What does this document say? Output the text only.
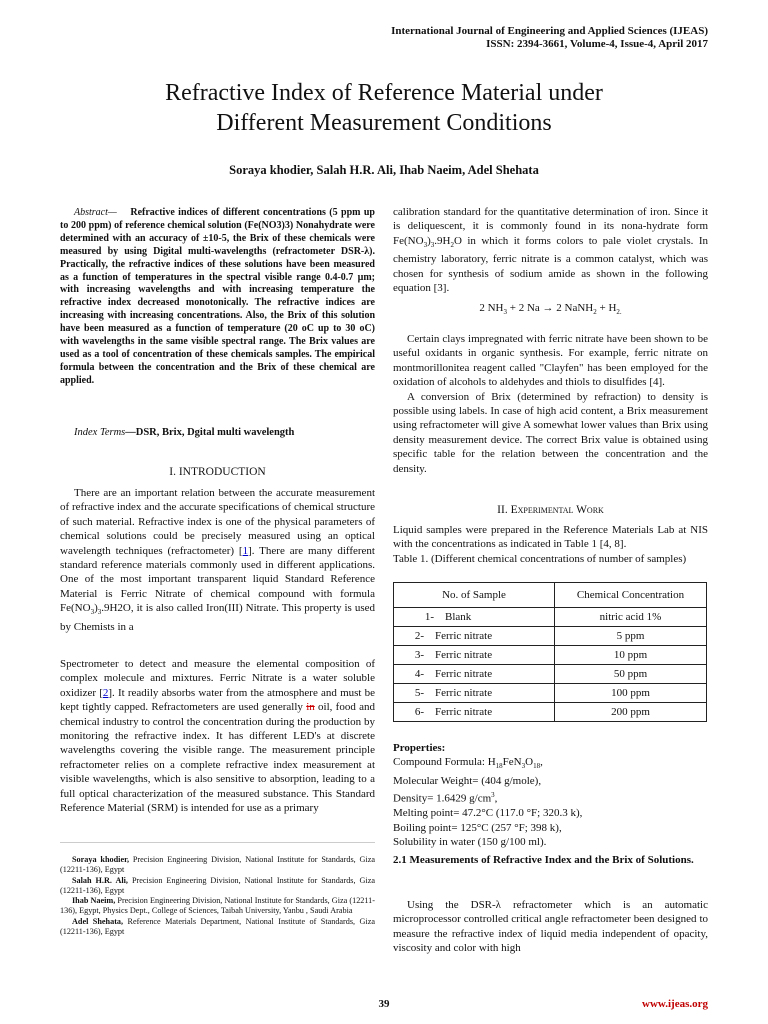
International Journal of Engineering and Applied Sciences (IJEAS)
ISSN: 2394-3661, Volume-4, Issue-4, April 2017
Refractive Index of Reference Material under
Different Measurement Conditions
Soraya khodier, Salah H.R. Ali, Ihab Naeim, Adel Shehata
Abstract— Refractive indices of different concentrations (5 ppm up to 200 ppm) of reference chemical solution (Fe(NO3)3) Nonahydrate were determined with an accuracy of ±10-5, the Brix of these chemicals were measured by using Digital multi-wavelengths (refractometer DSR-λ). Practically, the refractive indices of these solutions have been measured as a function of temperatures in the spectral visible range 0.4-0.7 µm; with increasing wavelengths and with increasing temperature the refractive index decreased monotonically. The refractive indices are increasing with increasing concentrations. Also, the Brix of this solution have been measured as a function of temperature (20 oC up to 30 oC) with wavelengths in the same visible spectral range. The Brix values are used as a tool of concentration of these chemicals samples. The empirical formula between the concentration and the Brix of these chemical are applied.
Index Terms—DSR, Brix, Dgital multi wavelength
I. INTRODUCTION

There are an important relation between the accurate measurement of refractive index and the accurate specifications of chemical structure of such material. Refractive index is one of the physical parameters of chemical solutions could be precisely measured using an optical wavelength techniques (refractometer) [1]. There are many different standard reference materials commonly used in different applications. One of the most important transparent liquid Standard Reference Material is Ferric Nitrate of chemical compound with formula $Fe(NO_3)_3.9H2O$, it is also called Iron(III) Nitrate. This property is used by Chemists in a

Spectrometer to detect and measure the elemental composition of complex molecule and mixtures. Ferric Nitrate is a water soluble oxidizer [2]. It readily absorbs water from the atmosphere and must be kept tightly capped. Refractometers are used generally in oil, food and chemical industry to control the concentration during the production by monitoring the refractive index. It has different LED's at discrete wavelengths covering the visible range. The measurement principle refractometer relies on a complete refractive index measurement at visible wavelengths, which is also sensitive to absorption, leading to a full optical characterization of the measured substance. This Standard Reference Material (SRM) is intended for use as a primary

Soraya khodier, Precision Engineering Division, National Institute for Standards, Giza (12211-136), Egypt

Salah H.R. Ali, Precision Engineering Division, National Institute for Standards, Giza (12211-136), Egypt

Ihab Naeim, Precision Engineering Division, National Institute for Standards, Giza (12211-136), Egypt, Physics Dept., College of Sciences, Taibah University, Yanbu , Saudi Arabia

Adel Shehata, Reference Materials Department, National Institute of Standards, Giza (12211-136), Egypt

calibration standard for the quantitative determination of iron. Since it is deliquescent, it is commonly found in its nona-hydrate form $Fe(NO_3)_3.9H_2O$ in which it forms colors to pale violet crystals. In chemistry laboratory, ferric nitrate is a common catalyst, which was chosen for synthesis of sodium amide as shown in the following equation [3].

2 $NH_3 + 2$ Na → 2 NaNH$_2$ + $H_{2.}$

Certain clays impregnated with ferric nitrate have been shown to be useful oxidants in organic synthesis. For example, ferric nitrate on montmorillonitea reagent called "Clayfen" has been employed for the oxidation of alcohols to aldehydes and thiols to disulfides [4].

A conversion of Brix (determined by refraction) to density is possible using labels. In case of high acid content, a Brix measurement using refractometer will give A somewhat lower values than Brix using density measurement device. The correct Brix value is obtained using specific table for the relation between the concentration and the density.

II. Experimental Work

Liquid samples were prepared in the Reference Materials Lab at NIS with the concentrations as indicated in Table 1 [4, 8].

Table 1. (Different chemical concentrations of number of samples)

No. of Sample	Chemical Concentration
1- Blank	nitric acid 1%
2- Ferric nitrate	5 ppm
3- Ferric nitrate	10 ppm
4- Ferric nitrate	50 ppm
5- Ferric nitrate	100 ppm
6- Ferric nitrate	200 ppm

Properties:

Compound Formula: $H_{18}FeN_3O_{18}$,

Molecular Weight= (404 g/mole),

Density= 1.6429 $g/cm^3$,

Melting point= 47.2°C (117.0 °F; 320.3 k),

Boiling point= 125°C (257 °F; 398 k),

Solubility in water (150 g/100 ml).

2.1 Measurements of Refractive Index and the Brix of Solutions.

Using the DSR-λ refractometer which is an automatic microprocessor controlled critical angle refractometer been designed to measure the refractive index of liquid media independent of opacity, viscosity and color with high

39	www.ijeas.org
